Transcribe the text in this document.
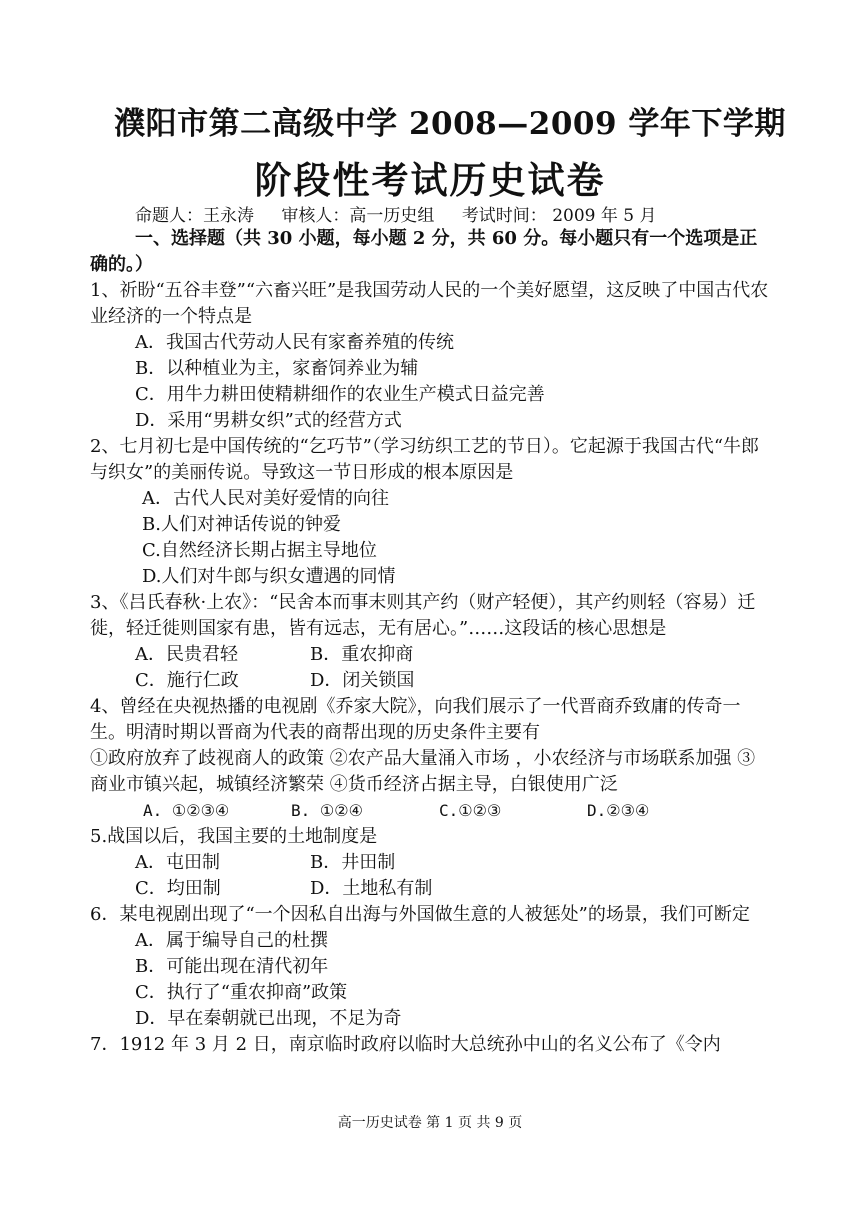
濮阳市第二高级中学 2008—2009 学年下学期
阶段性考试历史试卷
命题人：王永涛 审核人：高一历史组 考试时间： 2009 年 5 月

一、选择题（共 30 小题，每小题 2 分，共 60 分。每小题只有一个选项是正确的。）

1、祈盼“五谷丰登”“六畜兴旺”是我国劳动人民的一个美好愿望，这反映了中国古代农业经济的一个特点是

A．我国古代劳动人民有家畜养殖的传统

B．以种植业为主，家畜饲养业为辅

C．用牛力耕田使精耕细作的农业生产模式日益完善

D．采用“男耕女织”式的经营方式

2、七月初七是中国传统的“乞巧节”（学习纺织工艺的节日）。它起源于我国古代“牛郎与织女”的美丽传说。导致这一节日形成的根本原因是

A．古代人民对美好爱情的向往

B.人们对神话传说的钟爱

C.自然经济长期占据主导地位

D.人们对牛郎与织女遭遇的同情

3、《吕氏春秋·上农》：“民舍本而事末则其产约（财产轻便），其产约则轻（容易）迁徙，轻迁徙则国家有患，皆有远志，无有居心。”……这段话的核心思想是

A．民贵君轻	B．重农抑商
C．施行仁政	D．闭关锁国

4、曾经在央视热播的电视剧《乔家大院》，向我们展示了一代晋商乔致庸的传奇一生。明清时期以晋商为代表的商帮出现的历史条件主要有

①政府放弃了歧视商人的政策 ②农产品大量涌入市场 ，小农经济与市场联系加强 ③商业市镇兴起，城镇经济繁荣 ④货币经济占据主导，白银使用广泛

A. ①②③④	B. ①②④	C.①②③	D.②③④

5.战国以后，我国主要的土地制度是

A．屯田制	B．井田制
C．均田制	D．土地私有制

6．某电视剧出现了“一个因私自出海与外国做生意的人被惩处”的场景，我们可断定

A．属于编导自己的杜撰

B．可能出现在清代初年

C．执行了“重农抑商”政策

D．早在秦朝就已出现，不足为奇

7．1912 年 3 月 2 日，南京临时政府以临时大总统孙中山的名义公布了《令内

高一历史试卷 第 1 页 共 9 页
